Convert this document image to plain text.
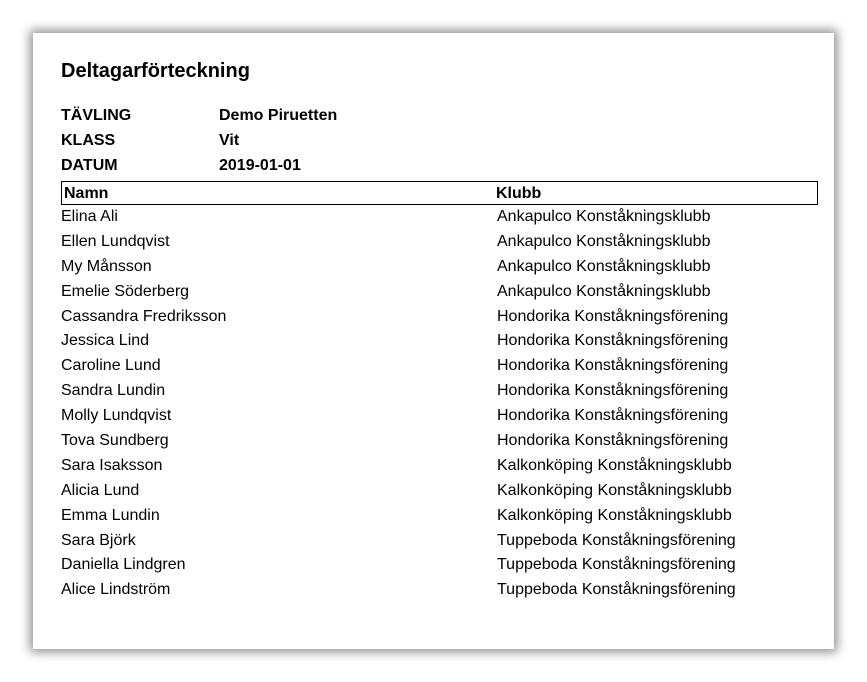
Deltagarförteckning
TÄVLING	Demo Piruetten
KLASS	Vit
DATUM	2019-01-01
Namn	Klubb
Elina Ali	Ankapulco Konståkningsklubb
Ellen Lundqvist	Ankapulco Konståkningsklubb
My Månsson	Ankapulco Konståkningsklubb
Emelie Söderberg	Ankapulco Konståkningsklubb
Cassandra Fredriksson	Hondorika Konståkningsförening
Jessica Lind	Hondorika Konståkningsförening
Caroline Lund	Hondorika Konståkningsförening
Sandra Lundin	Hondorika Konståkningsförening
Molly Lundqvist	Hondorika Konståkningsförening
Tova Sundberg	Hondorika Konståkningsförening
Sara Isaksson	Kalkonköping Konståkningsklubb
Alicia Lund	Kalkonköping Konståkningsklubb
Emma Lundin	Kalkonköping Konståkningsklubb
Sara Björk	Tuppeboda Konståkningsförening
Daniella Lindgren	Tuppeboda Konståkningsförening
Alice Lindström	Tuppeboda Konståkningsförening
